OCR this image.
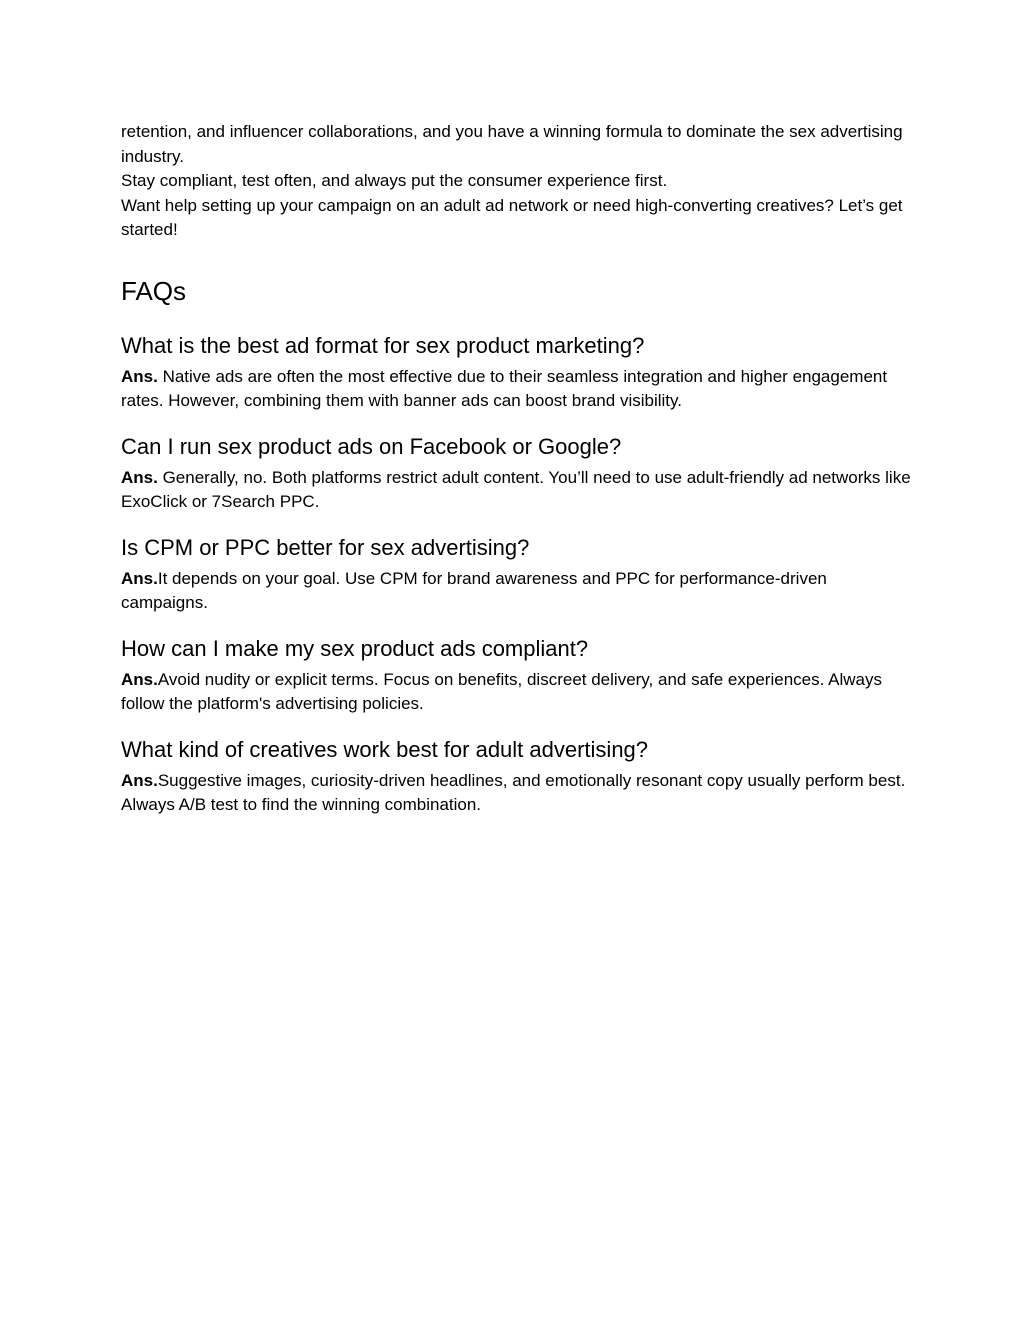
retention, and influencer collaborations, and you have a winning formula to dominate the sex advertising industry.

Stay compliant, test often, and always put the consumer experience first.

Want help setting up your campaign on an adult ad network or need high-converting creatives? Let’s get started!

FAQs
What is the best ad format for sex product marketing?

Ans. Native ads are often the most effective due to their seamless integration and higher engagement rates. However, combining them with banner ads can boost brand visibility.

Can I run sex product ads on Facebook or Google?

Ans. Generally, no. Both platforms restrict adult content. You’ll need to use adult-friendly ad networks like ExoClick or 7Search PPC.

Is CPM or PPC better for sex advertising?

Ans.It depends on your goal. Use CPM for brand awareness and PPC for performance-driven campaigns.

How can I make my sex product ads compliant?

Ans.Avoid nudity or explicit terms. Focus on benefits, discreet delivery, and safe experiences. Always follow the platform's advertising policies.

What kind of creatives work best for adult advertising?

Ans.Suggestive images, curiosity-driven headlines, and emotionally resonant copy usually perform best. Always A/B test to find the winning combination.
